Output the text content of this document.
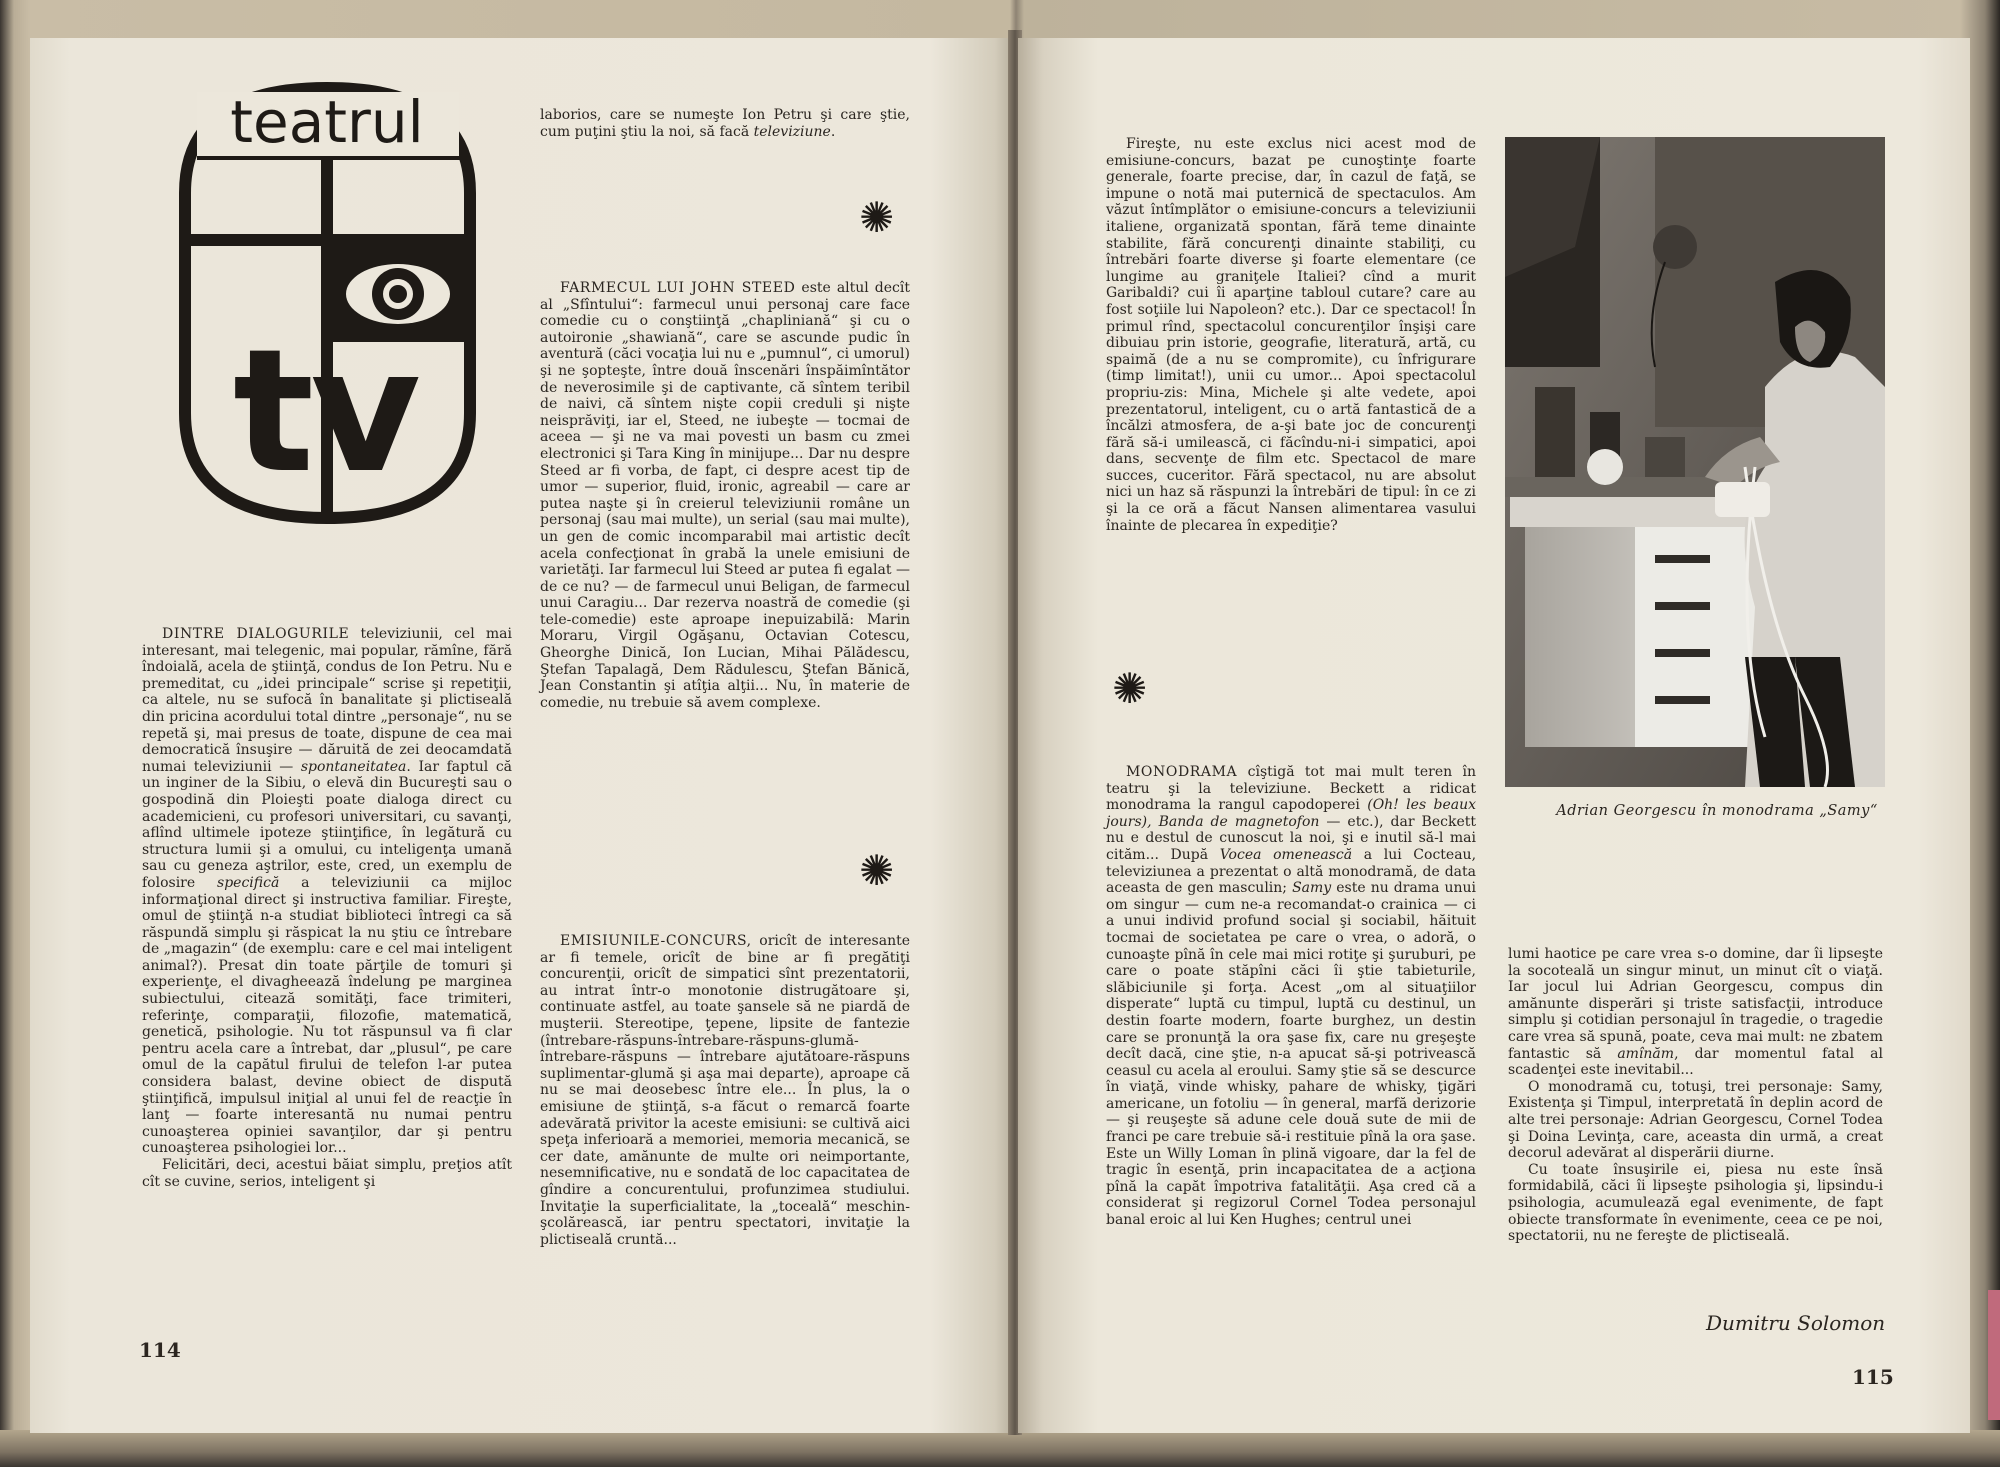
teatrul
tv

DINTRE DIALOGURILE televiziunii, cel mai interesant, mai telegenic, mai popular, rămîne, fără îndoială, acela de ştiinţă, condus de Ion Petru. Nu e premeditat, cu „idei principale“ scrise şi repetiţii, ca altele, nu se sufocă în banalitate şi plictiseală din pricina acordului total dintre „personaje“, nu se repetă şi, mai presus de toate, dispune de cea mai democratică însuşire — dăruită de zei deocamdată numai televiziunii — spontaneitatea. Iar faptul că un inginer de la Sibiu, o elevă din Bucureşti sau o gospodină din Ploieşti poate dialoga direct cu academicieni, cu profesori universitari, cu savanţi, aflînd ultimele ipoteze ştiinţifice, în legătură cu structura lumii şi a omului, cu inteligenţa umană sau cu geneza aştrilor, este, cred, un exemplu de folosire specifică a televiziunii ca mijloc informaţional direct şi instructiva familiar. Fireşte, omul de ştiinţă n-a studiat biblioteci întregi ca să răspundă simplu şi răspicat la nu ştiu ce întrebare de „magazin“ (de exemplu: care e cel mai inteligent animal?). Presat din toate părţile de tomuri şi experienţe, el divagheează îndelung pe marginea subiectului, citează somităţi, face trimiteri, referinţe, comparaţii, filozofie, matematică, genetică, psihologie. Nu tot răspunsul va fi clar pentru acela care a întrebat, dar „plusul“, pe care omul de la capătul firului de telefon l-ar putea considera balast, devine obiect de dispută ştiinţifică, impulsul iniţial al unui fel de reacţie în lanţ — foarte interesantă nu numai pentru cunoaşterea opiniei savanţilor, dar şi pentru cunoaşterea psihologiei lor...

Felicitări, deci, acestui băiat simplu, preţios atît cît se cuvine, serios, inteligent şi

laborios, care se numeşte Ion Petru şi care ştie, cum puţini ştiu la noi, să facă televiziune.

✺

FARMECUL LUI JOHN STEED este altul decît al „Sfîntului“: farmecul unui personaj care face comedie cu o conştiinţă „chapliniană“ şi cu o autoironie „shawiană“, care se ascunde pudic în aventură (căci vocaţia lui nu e „pumnul“, ci umorul) şi ne şopteşte, între două înscenări înspăimîntător de neverosimile şi de captivante, că sîntem teribil de naivi, că sîntem nişte copii creduli şi nişte neisprăviţi, iar el, Steed, ne iubeşte — tocmai de aceea — şi ne va mai povesti un basm cu zmei electronici şi Tara King în minijupe... Dar nu despre Steed ar fi vorba, de fapt, ci despre acest tip de umor — superior, fluid, ironic, agreabil — care ar putea naşte şi în creierul televiziunii române un personaj (sau mai multe), un serial (sau mai multe), un gen de comic incomparabil mai artistic decît acela confecţionat în grabă la unele emisiuni de varietăţi. Iar farmecul lui Steed ar putea fi egalat — de ce nu? — de farmecul unui Beligan, de farmecul unui Caragiu... Dar rezerva noastră de comedie (şi tele-comedie) este aproape inepuizabilă: Marin Moraru, Virgil Ogăşanu, Octavian Cotescu, Gheorghe Dinică, Ion Lucian, Mihai Pălădescu, Ştefan Tapalagă, Dem Rădulescu, Ştefan Bănică, Jean Constantin şi atîţia alţii... Nu, în materie de comedie, nu trebuie să avem complexe.

✺

EMISIUNILE-CONCURS, oricît de interesante ar fi temele, oricît de bine ar fi pregătiţi concurenţii, oricît de simpatici sînt prezentatorii, au intrat într-o monotonie distrugătoare şi, continuate astfel, au toate şansele să ne piardă de muşterii. Stereotipe, ţepene, lipsite de fantezie (întrebare-răspuns-întrebare-răspuns-glumă-întrebare-răspuns — întrebare ajutătoare-răspuns suplimentar-glumă şi aşa mai departe), aproape că nu se mai deosebesc între ele... În plus, la o emisiune de ştiinţă, s-a făcut o remarcă foarte adevărată privitor la aceste emisiuni: se cultivă aici speţa inferioară a memoriei, memoria mecanică, se cer date, amănunte de multe ori neimportante, nesemnificative, nu e sondată de loc capacitatea de gîndire a concurentului, profunzimea studiului. Invitaţie la superficialitate, la „toceală“ meschin-şcolărească, iar pentru spectatori, invitaţie la plictiseală cruntă...

114

Fireşte, nu este exclus nici acest mod de emisiune-concurs, bazat pe cunoştinţe foarte generale, foarte precise, dar, în cazul de faţă, se impune o notă mai puternică de spectaculos. Am văzut întîmplător o emisiune-concurs a televiziunii italiene, organizată spontan, fără teme dinainte stabilite, fără concurenţi dinainte stabiliţi, cu întrebări foarte diverse şi foarte elementare (ce lungime au graniţele Italiei? cînd a murit Garibaldi? cui îi aparţine tabloul cutare? care au fost soţiile lui Napoleon? etc.). Dar ce spectacol! În primul rînd, spectacolul concurenţilor înşişi care dibuiau prin istorie, geografie, literatură, artă, cu spaimă (de a nu se compromite), cu înfrigurare (timp limitat!), unii cu umor... Apoi spectacolul propriu-zis: Mina, Michele şi alte vedete, apoi prezentatorul, inteligent, cu o artă fantastică de a încălzi atmosfera, de a-şi bate joc de concurenţi fără să-i umilească, ci făcîndu-ni-i simpatici, apoi dans, secvenţe de film etc. Spectacol de mare succes, cuceritor. Fără spectacol, nu are absolut nici un haz să răspunzi la întrebări de tipul: în ce zi şi la ce oră a făcut Nansen alimentarea vasului înainte de plecarea în expediţie?

✺

MONODRAMA cîştigă tot mai mult teren în teatru şi la televiziune. Beckett a ridicat monodrama la rangul capodoperei (Oh! les beaux jours), Banda de magnetofon — etc.), dar Beckett nu e destul de cunoscut la noi, şi e inutil să-l mai cităm... După Vocea omenească a lui Cocteau, televiziunea a prezentat o altă monodramă, de data aceasta de gen masculin; Samy este nu drama unui om singur — cum ne-a recomandat-o crainica — ci a unui individ profund social şi sociabil, hăituit tocmai de societatea pe care o vrea, o adoră, o cunoaşte pînă în cele mai mici rotiţe şi şuruburi, pe care o poate stăpîni căci îi ştie tabieturile, slăbiciunile şi forţa. Acest „om al situaţiilor disperate“ luptă cu timpul, luptă cu destinul, un destin foarte modern, foarte burghez, un destin care se pronunţă la ora şase fix, care nu greşeşte decît dacă, cine ştie, n-a apucat să-şi potrivească ceasul cu acela al eroului. Samy ştie să se descurce în viaţă, vinde whisky, pahare de whisky, ţigări americane, un fotoliu — în general, marfă derizorie — şi reuşeşte să adune cele două sute de mii de franci pe care trebuie să-i restituie pînă la ora şase. Este un Willy Loman în plină vigoare, dar la fel de tragic în esenţă, prin incapacitatea de a acţiona pînă la capăt împotriva fatalităţii. Aşa cred că a considerat şi regizorul Cornel Todea personajul banal eroic al lui Ken Hughes; centrul unei

Adrian Georgescu în monodrama „Samy“

lumi haotice pe care vrea s-o domine, dar îi lipseşte la socoteală un singur minut, un minut cît o viaţă. Iar jocul lui Adrian Georgescu, compus din amănunte disperări şi triste satisfacţii, introduce simplu şi cotidian personajul în tragedie, o tragedie care vrea să spună, poate, ceva mai mult: ne zbatem fantastic să amînăm, dar momentul fatal al scadenţei este inevitabil...

O monodramă cu, totuşi, trei personaje: Samy, Existenţa şi Timpul, interpretată în deplin acord de alte trei personaje: Adrian Georgescu, Cornel Todea şi Doina Levinţa, care, aceasta din urmă, a creat decorul adevărat al disperării diurne.

Cu toate însuşirile ei, piesa nu este însă formidabilă, căci îi lipseşte psihologia şi, lipsindu-i psihologia, acumulează egal evenimente, de fapt obiecte transformate în evenimente, ceea ce pe noi, spectatorii, nu ne fereşte de plictiseală.

Dumitru Solomon
115
